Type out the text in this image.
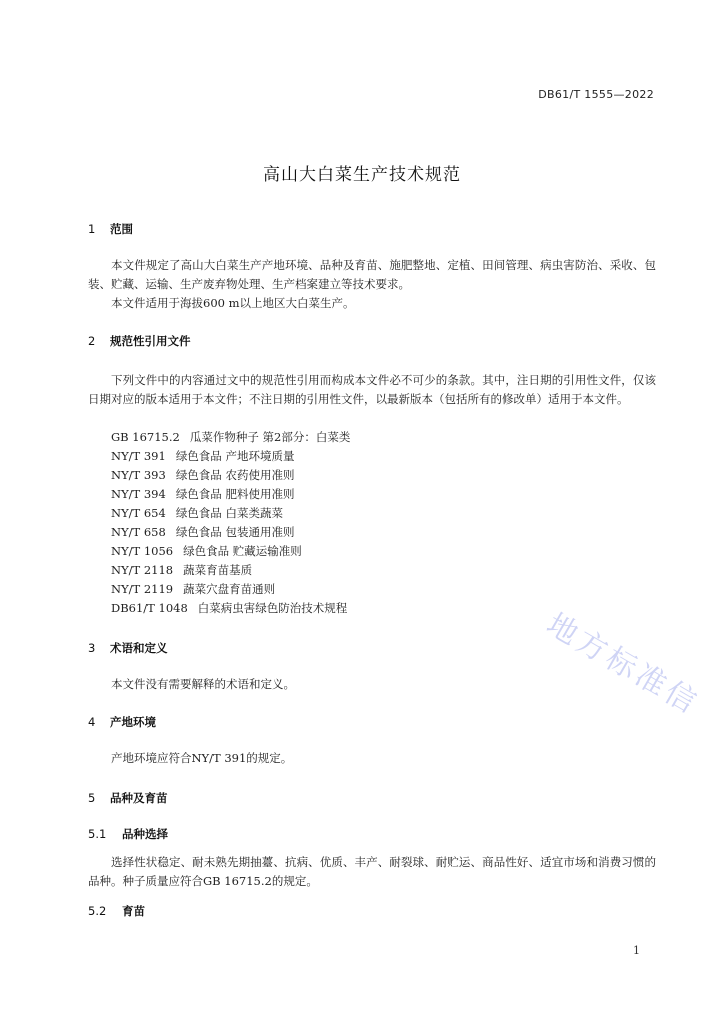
DB61/T 1555—2022
高山大白菜生产技术规范
1 范围
本文件规定了高山大白菜生产产地环境、品种及育苗、施肥整地、定植、田间管理、病虫害防治、采收、包装、贮藏、运输、生产废弃物处理、生产档案建立等技术要求。
本文件适用于海拔600 m以上地区大白菜生产。
2 规范性引用文件
下列文件中的内容通过文中的规范性引用而构成本文件必不可少的条款。其中，注日期的引用性文件，仅该日期对应的版本适用于本文件；不注日期的引用性文件，以最新版本（包括所有的修改单）适用于本文件。
GB 16715.2 瓜菜作物种子 第2部分：白菜类
NY/T 391 绿色食品 产地环境质量
NY/T 393 绿色食品 农药使用准则
NY/T 394 绿色食品 肥料使用准则
NY/T 654 绿色食品 白菜类蔬菜
NY/T 658 绿色食品 包装通用准则
NY/T 1056 绿色食品 贮藏运输准则
NY/T 2118 蔬菜育苗基质
NY/T 2119 蔬菜穴盘育苗通则
DB61/T 1048 白菜病虫害绿色防治技术规程
3 术语和定义
本文件没有需要解释的术语和定义。
4 产地环境
产地环境应符合NY/T 391的规定。
5 品种及育苗
5.1 品种选择
选择性状稳定、耐未熟先期抽薹、抗病、优质、丰产、耐裂球、耐贮运、商品性好、适宜市场和消费习惯的品种。种子质量应符合GB 16715.2的规定。
5.2 育苗
地方标准信
1
